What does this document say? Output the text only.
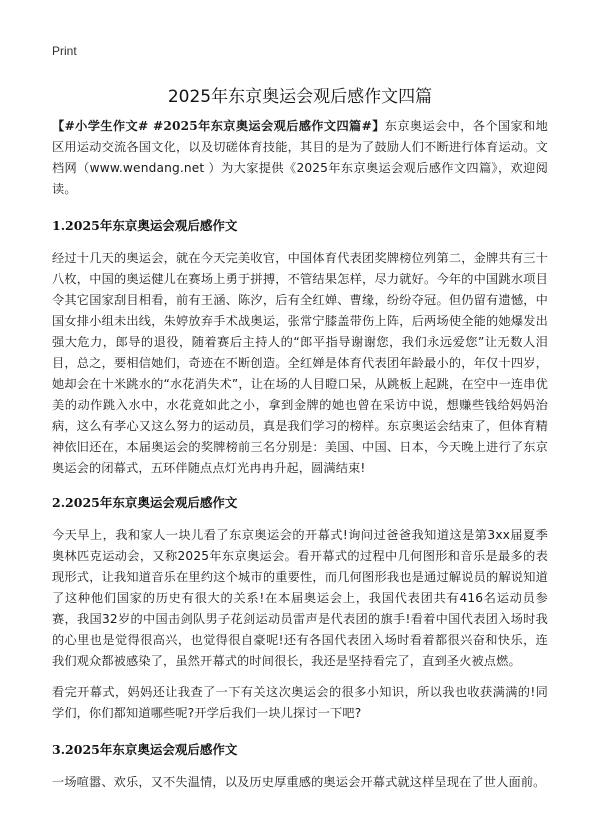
Print
2025年东京奥运会观后感作文四篇

【#小学生作文# #2025年东京奥运会观后感作文四篇#】东京奥运会中，各个国家和地区用运动交流各国文化，以及切磋体育技能，其目的是为了鼓励人们不断进行体育运动。文档网（www.wendang.net ）为大家提供《2025年东京奥运会观后感作文四篇》，欢迎阅读。

1.2025年东京奥运会观后感作文

经过十几天的奥运会，就在今天完美收官，中国体育代表团奖牌榜位列第二，金牌共有三十八枚，中国的奥运健儿在赛场上勇于拼搏，不管结果怎样，尽力就好。今年的中国跳水项目令其它国家刮目相看，前有王涵、陈汐，后有全红婵、曹缘，纷纷夺冠。但仍留有遗憾，中国女排小组未出线，朱婷放弃手术战奥运，张常宁膝盖带伤上阵，后两场使全能的她爆发出强大危力，郎导的退役，随着赛后主持人的“郎平指导谢谢您，我们永远爱您”让无数人泪目，总之，要相信她们，奇迹在不断创造。全红婵是体育代表团年龄最小的，年仅十四岁，她却会在十米跳水的“水花消失术”，让在场的人目瞪口呆，从跳板上起跳，在空中一连串优美的动作跳入水中，水花竟如此之小，拿到金牌的她也曾在采访中说，想赚些钱给妈妈治病，这么有孝心又这么努力的运动员，真是我们学习的榜样。东京奥运会结束了，但体育精神依旧还在，本届奥运会的奖牌榜前三名分别是：美国、中国、日本，今天晚上进行了东京奥运会的闭幕式，五环伴随点点灯光冉冉升起，圆满结束!

2.2025年东京奥运会观后感作文

今天早上，我和家人一块儿看了东京奥运会的开幕式!询问过爸爸我知道这是第3xx届夏季奥林匹克运动会，又称2025年东京奥运会。看开幕式的过程中几何图形和音乐是最多的表现形式，让我知道音乐在里约这个城市的重要性，而几何图形我也是通过解说员的解说知道了这种他们国家的历史有很大的关系!在本届奥运会上，我国代表团共有416名运动员参赛，我国32岁的中国击剑队男子花剑运动员雷声是代表团的旗手!看着中国代表团入场时我的心里也是觉得很高兴，也觉得很自豪呢!还有各国代表团入场时看着都很兴奋和快乐，连我们观众都被感染了，虽然开幕式的时间很长，我还是坚持看完了，直到圣火被点燃。

看完开幕式，妈妈还让我查了一下有关这次奥运会的很多小知识，所以我也收获满满的!同学们，你们都知道哪些呢?开学后我们一块儿探讨一下吧?

3.2025年东京奥运会观后感作文

一场喧嚣、欢乐，又不失温情，以及历史厚重感的奥运会开幕式就这样呈现在了世人面前。
